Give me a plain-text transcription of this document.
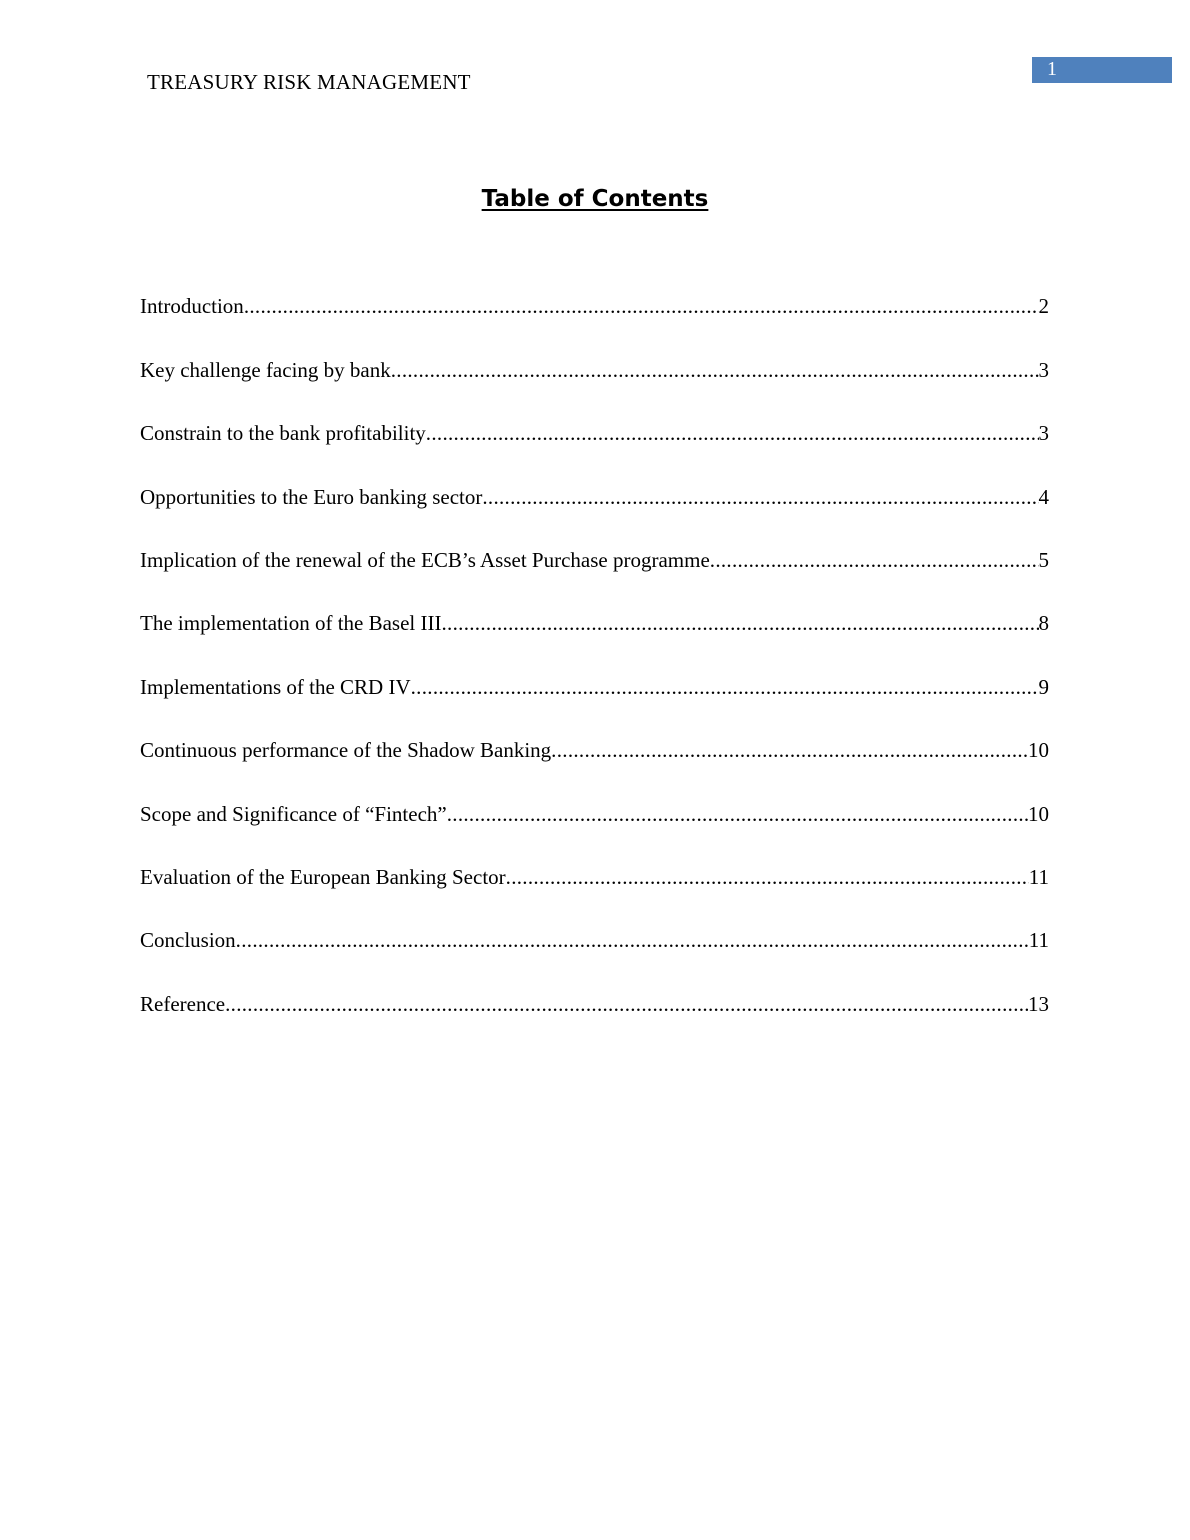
TREASURY RISK MANAGEMENT
1
Table of Contents
Introduction .....	2
Key challenge facing by bank .....	3
Constrain to the bank profitability .....	3
Opportunities to the Euro banking sector .....	4
Implication of the renewal of the ECB’s Asset Purchase programme .....	5
The implementation of the Basel III .....	8
Implementations of the CRD IV .....	9
Continuous performance of the Shadow Banking .....	10
Scope and Significance of “Fintech” .....	10
Evaluation of the European Banking Sector .....	11
Conclusion .....	11
Reference .....	13
